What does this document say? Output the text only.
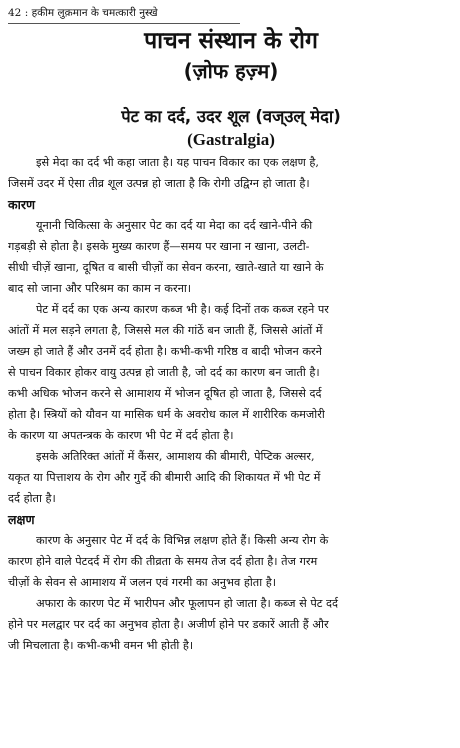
42 : हकीम लुक़मान के चमत्कारी नुस्खे
पाचन संस्थान के रोग
(ज़ोफ हज़्म)
पेट का दर्द, उदर शूल (वज्उल् मेदा)
(Gastralgia)
इसे मेदा का दर्द भी कहा जाता है। यह पाचन विकार का एक लक्षण है,
जिसमें उदर में ऐसा तीव्र शूल उत्पन्न हो जाता है कि रोगी उद्विग्न हो जाता है।
कारण
यूनानी चिकित्सा के अनुसार पेट का दर्द या मेदा का दर्द खाने-पीने की
गड़बड़ी से होता है। इसके मुख्य कारण हैं—समय पर खाना न खाना, उलटी-
सीधी चीज़ें खाना, दूषित व बासी चीज़ों का सेवन करना, खाते-खाते या खाने के
बाद सो जाना और परिश्रम का काम न करना।
पेट में दर्द का एक अन्य कारण कब्ज भी है। कई दिनों तक कब्ज रहने पर
आंतों में मल सड़ने लगता है, जिससे मल की गांठें बन जाती हैं, जिससे आंतों में
जख्म हो जाते हैं और उनमें दर्द होता है। कभी-कभी गरिष्ठ व बादी भोजन करने
से पाचन विकार होकर वायु उत्पन्न हो जाती है, जो दर्द का कारण बन जाती है।
कभी अधिक भोजन करने से आमाशय में भोजन दूषित हो जाता है, जिससे दर्द
होता है। स्त्रियों को यौवन या मासिक धर्म के अवरोध काल में शारीरिक कमजोरी
के कारण या अपतन्त्रक के कारण भी पेट में दर्द होता है।
इसके अतिरिक्त आंतों में कैंसर, आमाशय की बीमारी, पेप्टिक अल्सर,
यकृत या पित्ताशय के रोग और गुर्दे की बीमारी आदि की शिकायत में भी पेट में
दर्द होता है।
लक्षण
कारण के अनुसार पेट में दर्द के विभिन्न लक्षण होते हैं। किसी अन्य रोग के
कारण होने वाले पेटदर्द में रोग की तीव्रता के समय तेज दर्द होता है। तेज गरम
चीज़ों के सेवन से आमाशय में जलन एवं गरमी का अनुभव होता है।
अफारा के कारण पेट में भारीपन और फूलापन हो जाता है। कब्ज से पेट दर्द
होने पर मलद्वार पर दर्द का अनुभव होता है। अजीर्ण होने पर डकारें आती हैं और
जी मिचलाता है। कभी-कभी वमन भी होती है।
